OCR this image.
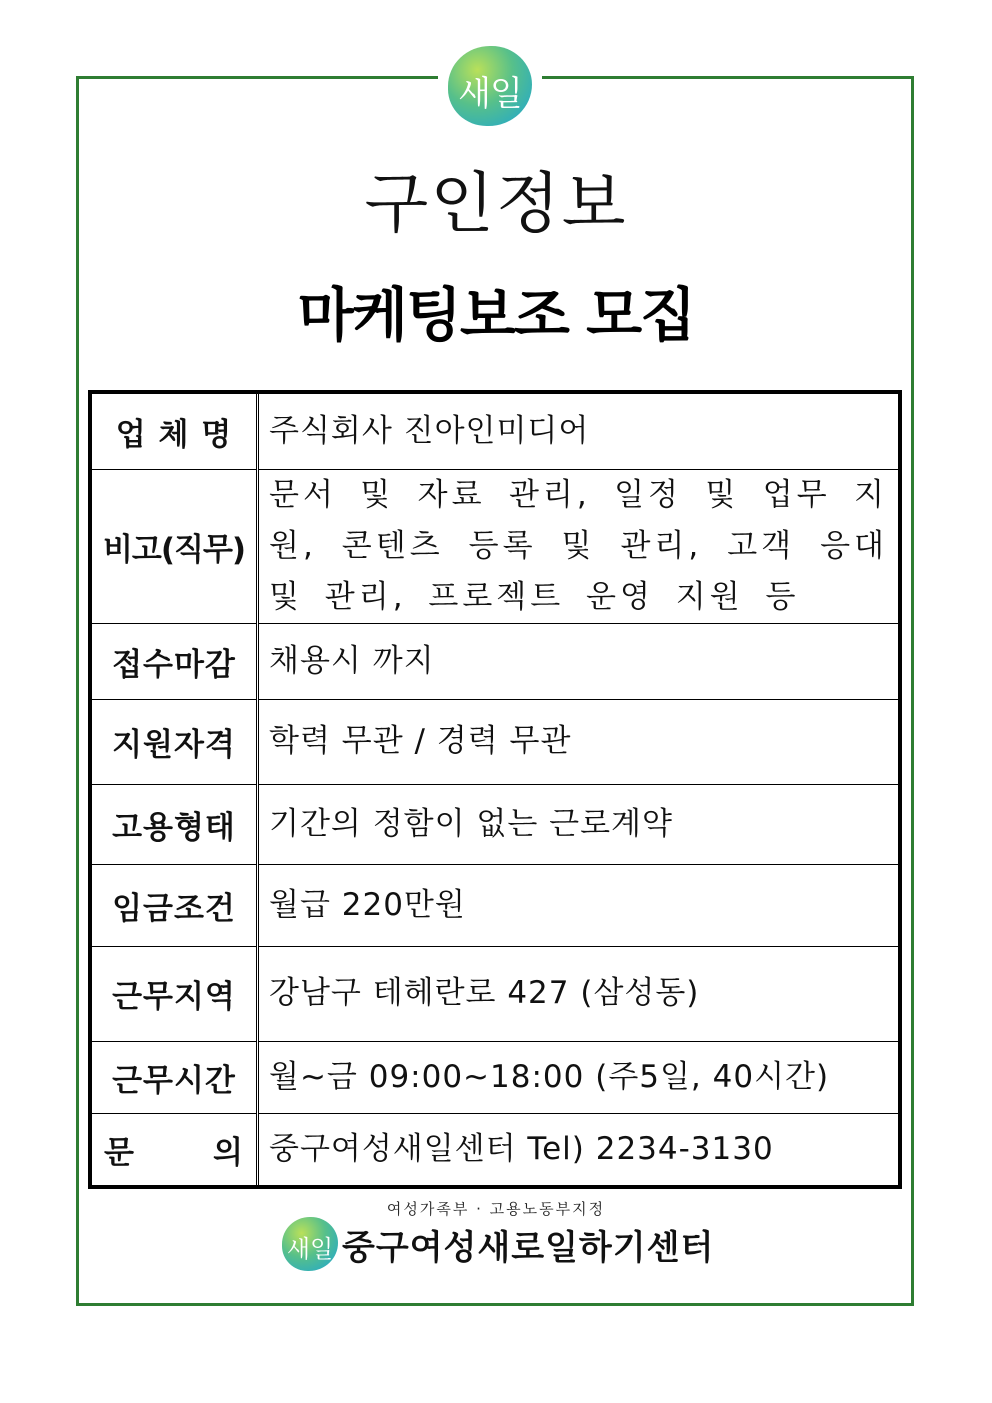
새일
구인정보
마케팅보조 모집
업 체 명	주식회사 진아인미디어
비고(직무)	문서 및 자료 관리, 일정 및 업무 지원, 콘텐츠 등록 및 관리, 고객 응대 및 관리, 프로젝트 운영 지원 등
접수마감	채용시 까지
지원자격	학력 무관 / 경력 무관
고용형태	기간의 정함이 없는 근로계약
임금조건	월급 220만원
근무지역	강남구 테헤란로 427 (삼성동)
근무시간	월~금 09:00~18:00 (주5일, 40시간)

문 의	중구여성새일센터 Tel) 2234-3130
여성가족부 · 고용노동부지정
새일 중구여성새로일하기센터
